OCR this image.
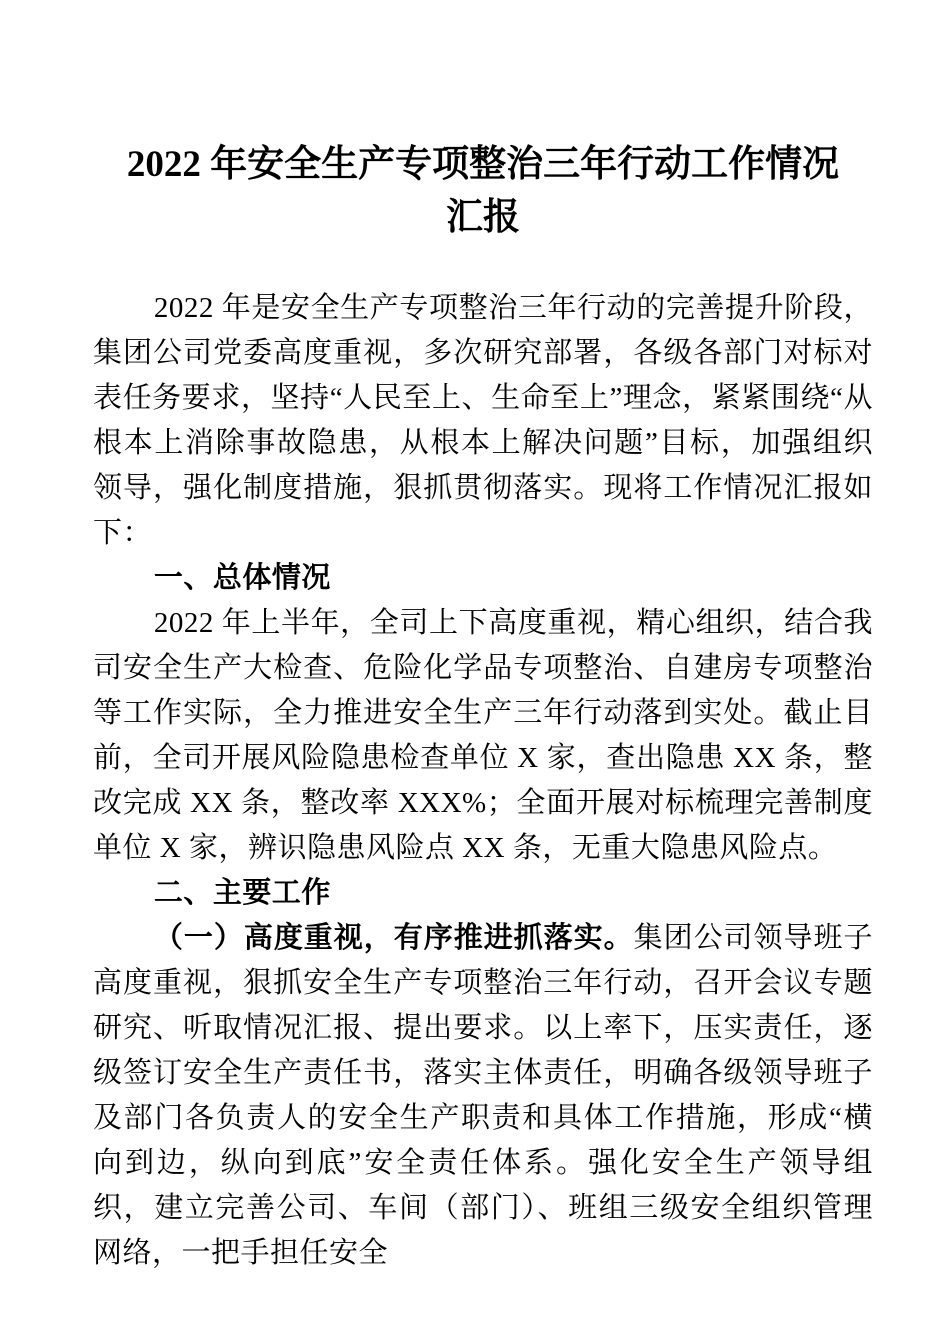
2022 年安全生产专项整治三年行动工作情况汇报

2022 年是安全生产专项整治三年行动的完善提升阶段，集团公司党委高度重视，多次研究部署，各级各部门对标对表任务要求，坚持“人民至上、生命至上”理念，紧紧围绕“从根本上消除事故隐患，从根本上解决问题”目标，加强组织领导，强化制度措施，狠抓贯彻落实。现将工作情况汇报如下：

一、总体情况

2022 年上半年，全司上下高度重视，精心组织，结合我司安全生产大检查、危险化学品专项整治、自建房专项整治等工作实际，全力推进安全生产三年行动落到实处。截止目前，全司开展风险隐患检查单位 X 家，查出隐患 XX 条，整改完成 XX 条，整改率 XXX%；全面开展对标梳理完善制度单位 X 家，辨识隐患风险点 XX 条，无重大隐患风险点。

二、主要工作

（一）高度重视，有序推进抓落实。集团公司领导班子高度重视，狠抓安全生产专项整治三年行动，召开会议专题研究、听取情况汇报、提出要求。以上率下，压实责任，逐级签订安全生产责任书，落实主体责任，明确各级领导班子及部门各负责人的安全生产职责和具体工作措施，形成“横向到边，纵向到底”安全责任体系。强化安全生产领导组织，建立完善公司、车间（部门）、班组三级安全组织管理网络，一把手担任安全
